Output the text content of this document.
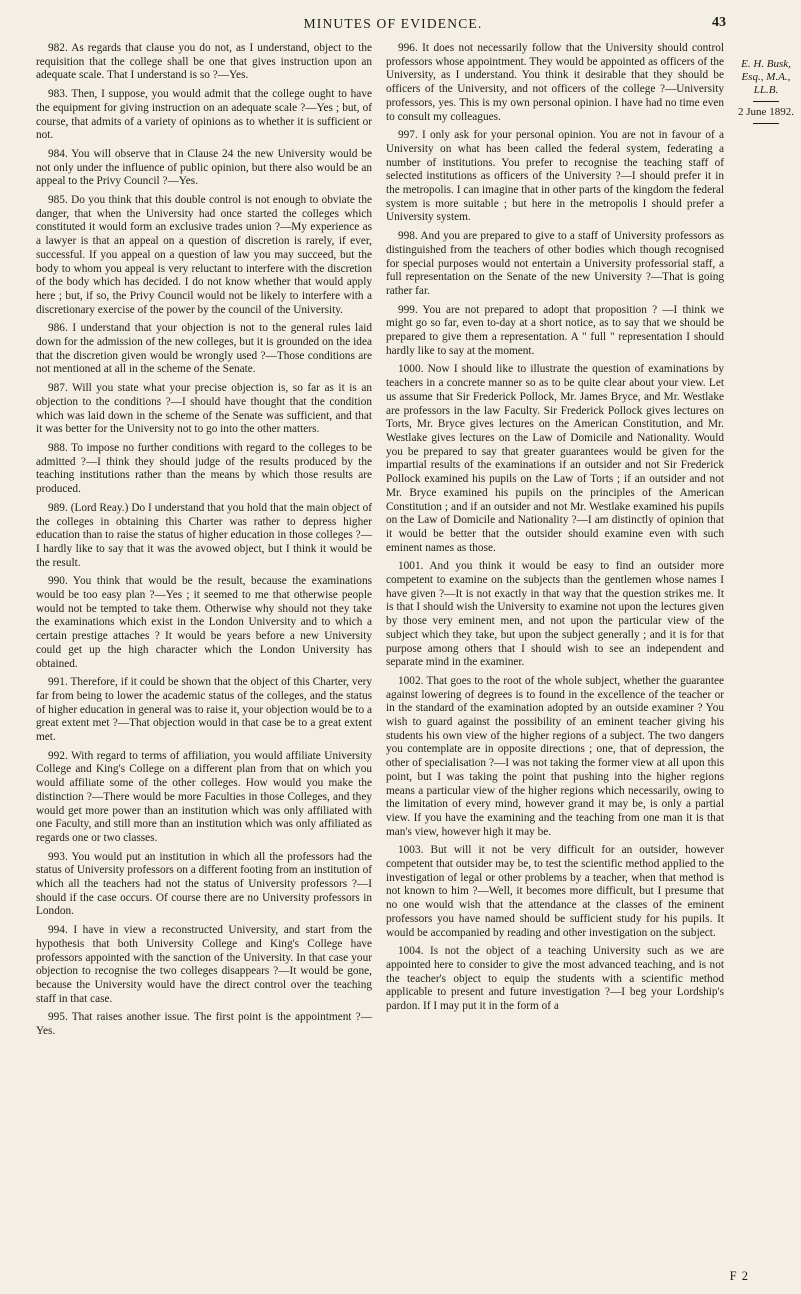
MINUTES OF EVIDENCE.	43

982. As regards that clause you do not, as I understand, object to the requisition that the college shall be one that gives instruction upon an adequate scale. That I understand is so ?—Yes.

983. Then, I suppose, you would admit that the college ought to have the equipment for giving instruction on an adequate scale ?—Yes ; but, of course, that admits of a variety of opinions as to whether it is sufficient or not.

984. You will observe that in Clause 24 the new University would be not only under the influence of public opinion, but there also would be an appeal to the Privy Council ?—Yes.

985. Do you think that this double control is not enough to obviate the danger, that when the University had once started the colleges which constituted it would form an exclusive trades union ?—My experience as a lawyer is that an appeal on a question of discretion is rarely, if ever, successful. If you appeal on a question of law you may succeed, but the body to whom you appeal is very reluctant to interfere with the discretion of the body which has decided. I do not know whether that would apply here ; but, if so, the Privy Council would not be likely to interfere with a discretionary exercise of the power by the council of the University.

986. I understand that your objection is not to the general rules laid down for the admission of the new colleges, but it is grounded on the idea that the discretion given would be wrongly used ?—Those conditions are not mentioned at all in the scheme of the Senate.

987. Will you state what your precise objection is, so far as it is an objection to the conditions ?—I should have thought that the condition which was laid down in the scheme of the Senate was sufficient, and that it was better for the University not to go into the other matters.

988. To impose no further conditions with regard to the colleges to be admitted ?—I think they should judge of the results produced by the teaching institutions rather than the means by which those results are produced.

989. (Lord Reay.) Do I understand that you hold that the main object of the colleges in obtaining this Charter was rather to depress higher education than to raise the status of higher education in those colleges ?—I hardly like to say that it was the avowed object, but I think it would be the result.

990. You think that would be the result, because the examinations would be too easy plan ?—Yes ; it seemed to me that otherwise people would not be tempted to take them. Otherwise why should not they take the examinations which exist in the London University and to which a certain prestige attaches ? It would be years before a new University could get up the high character which the London University has obtained.

991. Therefore, if it could be shown that the object of this Charter, very far from being to lower the academic status of the colleges, and the status of higher education in general was to raise it, your objection would be to a great extent met ?—That objection would in that case be to a great extent met.

992. With regard to terms of affiliation, you would affiliate University College and King's College on a different plan from that on which you would affiliate some of the other colleges. How would you make the distinction ?—There would be more Faculties in those Colleges, and they would get more power than an institution which was only affiliated with one Faculty, and still more than an institution which was only affiliated as regards one or two classes.

993. You would put an institution in which all the professors had the status of University professors on a different footing from an institution of which all the teachers had not the status of University professors ?—I should if the case occurs. Of course there are no University professors in London.

994. I have in view a reconstructed University, and start from the hypothesis that both University College and King's College have professors appointed with the sanction of the University. In that case your objection to recognise the two colleges disappears ?—It would be gone, because the University would have the direct control over the teaching staff in that case.

995. That raises another issue. The first point is the appointment ?—Yes.

996. It does not necessarily follow that the University should control professors whose appointment. They would be appointed as officers of the University, as I understand. You think it desirable that they should be officers of the University, and not officers of the college ?—University professors, yes. This is my own personal opinion. I have had no time even to consult my colleagues.

997. I only ask for your personal opinion. You are not in favour of a University on what has been called the federal system, federating a number of institutions. You prefer to recognise the teaching staff of selected institutions as officers of the University ?—I should prefer it in the metropolis. I can imagine that in other parts of the kingdom the federal system is more suitable ; but here in the metropolis I should prefer a University system.

998. And you are prepared to give to a staff of University professors as distinguished from the teachers of other bodies which though recognised for special purposes would not entertain a University professorial staff, a full representation on the Senate of the new University ?—That is going rather far.

999. You are not prepared to adopt that proposition ? —I think we might go so far, even to-day at a short notice, as to say that we should be prepared to give them a representation. A " full " representation I should hardly like to say at the moment.

1000. Now I should like to illustrate the question of examinations by teachers in a concrete manner so as to be quite clear about your view. Let us assume that Sir Frederick Pollock, Mr. James Bryce, and Mr. Westlake are professors in the law Faculty. Sir Frederick Pollock gives lectures on Torts, Mr. Bryce gives lectures on the American Constitution, and Mr. Westlake gives lectures on the Law of Domicile and Nationality. Would you be prepared to say that greater guarantees would be given for the impartial results of the examinations if an outsider and not Sir Frederick Pollock examined his pupils on the Law of Torts ; if an outsider and not Mr. Bryce examined his pupils on the principles of the American Constitution ; and if an outsider and not Mr. Westlake examined his pupils on the Law of Domicile and Nationality ?—I am distinctly of opinion that it would be better that the outsider should examine even with such eminent names as those.

1001. And you think it would be easy to find an outsider more competent to examine on the subjects than the gentlemen whose names I have given ?—It is not exactly in that way that the question strikes me. It is that I should wish the University to examine not upon the lectures given by those very eminent men, and not upon the particular view of the subject which they take, but upon the subject generally ; and it is for that purpose among others that I should wish to see an independent and separate mind in the examiner.

1002. That goes to the root of the whole subject, whether the guarantee against lowering of degrees is to found in the excellence of the teacher or in the standard of the examination adopted by an outside examiner ? You wish to guard against the possibility of an eminent teacher giving his students his own view of the higher regions of a subject. The two dangers you contemplate are in opposite directions ; one, that of depression, the other of specialisation ?—I was not taking the former view at all upon this point, but I was taking the point that pushing into the higher regions means a particular view of the higher regions which necessarily, owing to the limitation of every mind, however grand it may be, is only a partial view. If you have the examining and the teaching from one man it is that man's view, however high it may be.

1003. But will it not be very difficult for an outsider, however competent that outsider may be, to test the scientific method applied to the investigation of legal or other problems by a teacher, when that method is not known to him ?—Well, it becomes more difficult, but I presume that no one would wish that the attendance at the classes of the eminent professors you have named should be sufficient study for his pupils. It would be accompanied by reading and other investigation on the subject.

1004. Is not the object of a teaching University such as we are appointed here to consider to give the most advanced teaching, and is not the teacher's object to equip the students with a scientific method applicable to present and future investigation ?—I beg your Lordship's pardon. If I may put it in the form of a

E. H. Busk,
Esq., M.A.,
LL.B.
2 June 1892.
F 2
